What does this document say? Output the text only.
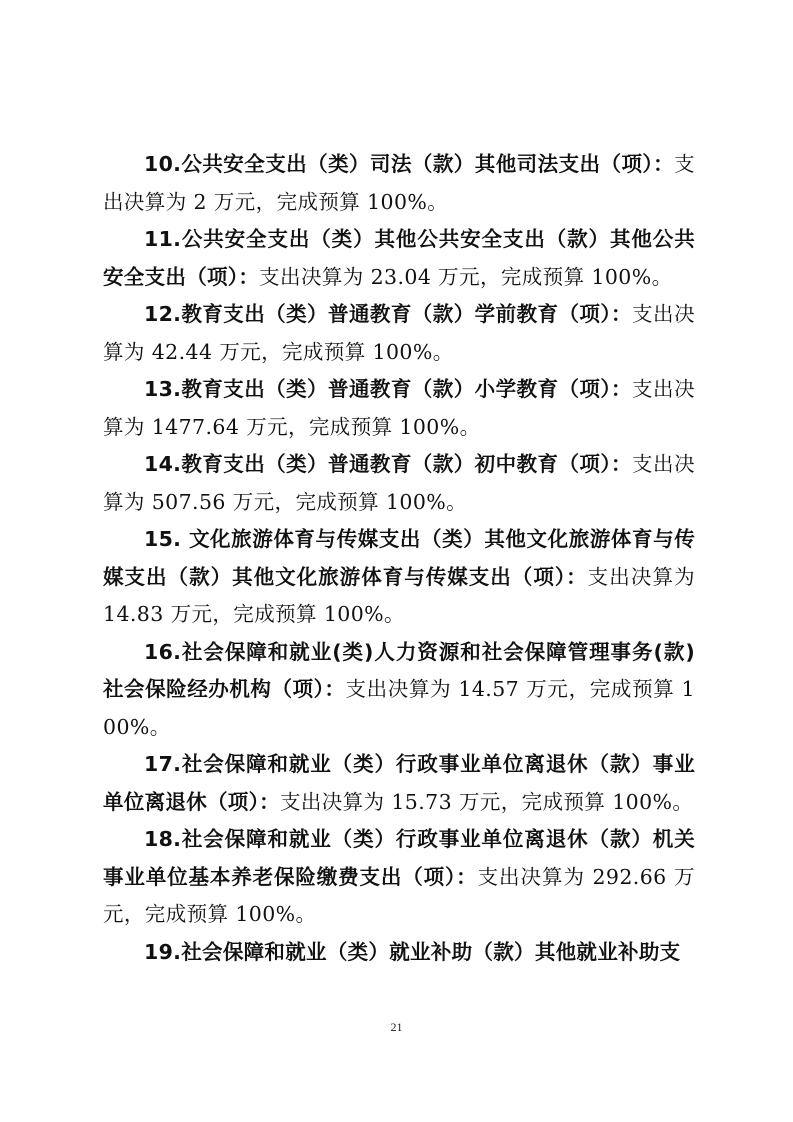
10.公共安全支出（类）司法（款）其他司法支出（项）：支出决算为 2 万元，完成预算 100%。

11.公共安全支出（类）其他公共安全支出（款）其他公共安全支出（项）：支出决算为 23.04 万元，完成预算 100%。

12.教育支出（类）普通教育（款）学前教育（项）：支出决算为 42.44 万元，完成预算 100%。

13.教育支出（类）普通教育（款）小学教育（项）：支出决算为 1477.64 万元，完成预算 100%。

14.教育支出（类）普通教育（款）初中教育（项）：支出决算为 507.56 万元，完成预算 100%。

15. 文化旅游体育与传媒支出（类）其他文化旅游体育与传媒支出（款）其他文化旅游体育与传媒支出（项）：支出决算为 14.83 万元，完成预算 100%。

16.社会保障和就业(类)人力资源和社会保障管理事务(款)社会保险经办机构（项）：支出决算为 14.57 万元，完成预算 100%。

17.社会保障和就业（类）行政事业单位离退休（款）事业单位离退休（项）：支出决算为 15.73 万元，完成预算 100%。

18.社会保障和就业（类）行政事业单位离退休（款）机关事业单位基本养老保险缴费支出（项）：支出决算为 292.66 万元，完成预算 100%。

19.社会保障和就业（类）就业补助（款）其他就业补助支

21
